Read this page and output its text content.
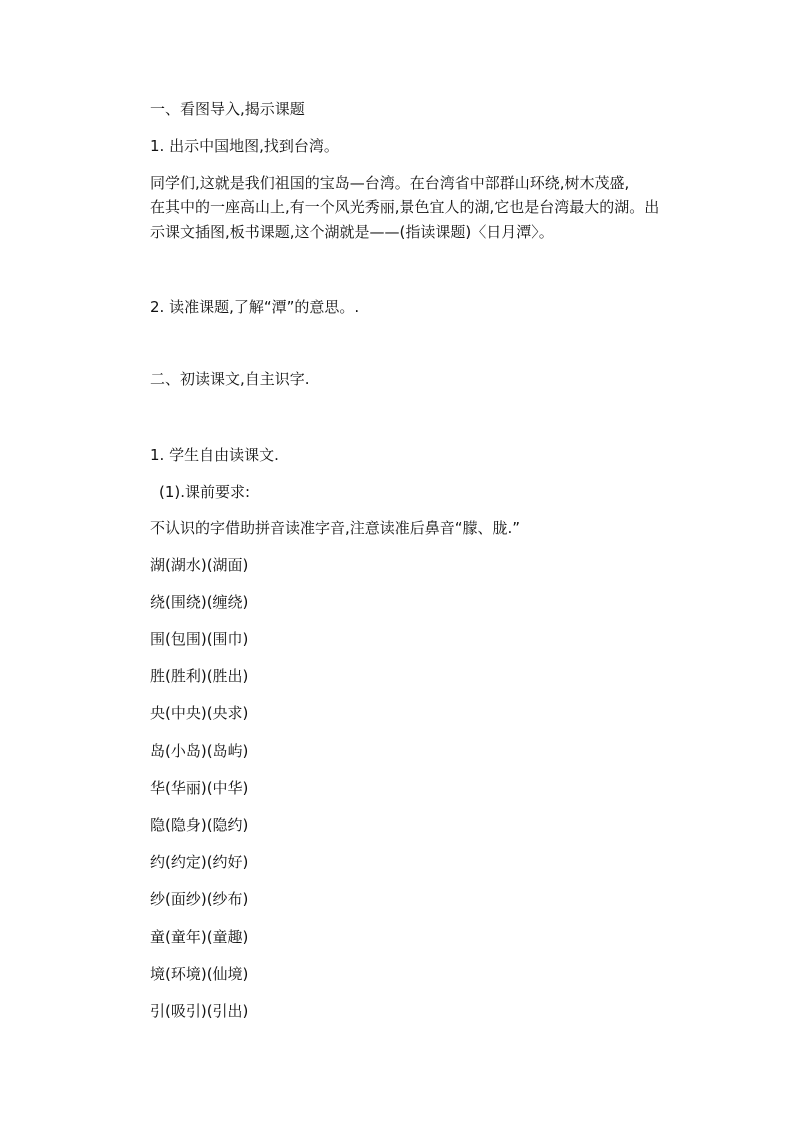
一、看图导入,揭示课题
1. 出示中国地图,找到台湾。
同学们,这就是我们祖国的宝岛—台湾。在台湾省中部群山环绕,树木茂盛,
在其中的一座高山上,有一个风光秀丽,景色宜人的湖,它也是台湾最大的湖。出
示课文插图,板书课题,这个湖就是——(指读课题)〈日月潭〉。
2. 读准课题,了解“潭”的意思。.
二、初读课文,自主识字.
1. 学生自由读课文.
(1).课前要求:
不认识的字借助拼音读准字音,注意读准后鼻音“朦、胧.”
湖(湖水)(湖面)
绕(围绕)(缠绕)
围(包围)(围巾)
胜(胜利)(胜出)
央(中央)(央求)
岛(小岛)(岛屿)
华(华丽)(中华)
隐(隐身)(隐约)
约(约定)(约好)
纱(面纱)(纱布)
童(童年)(童趣)
境(环境)(仙境)
引(吸引)(引出)
